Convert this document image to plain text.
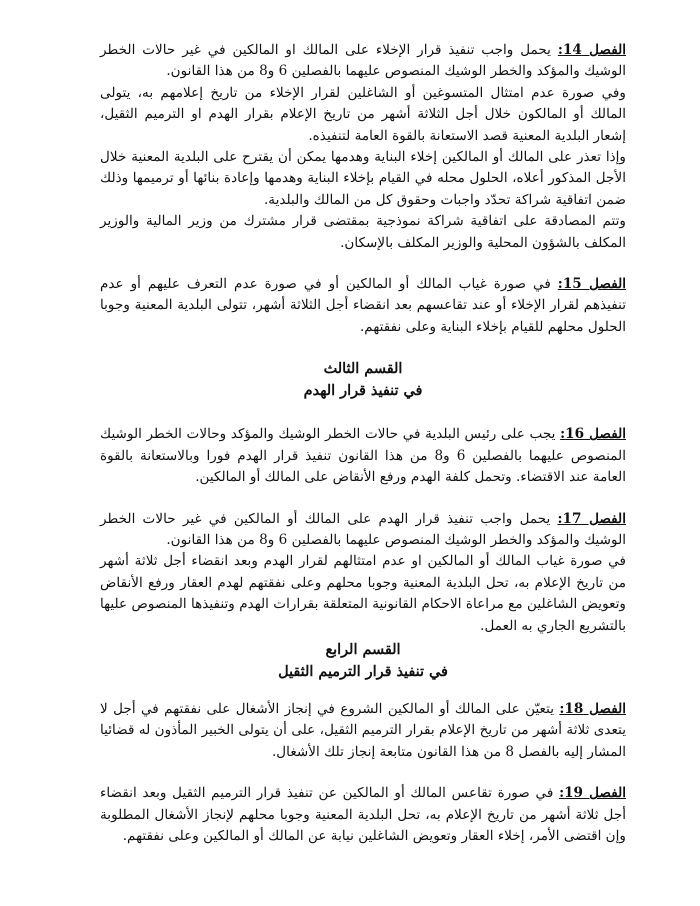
الفصل 14: يحمل واجب تنفيذ قرار الإخلاء على المالك او المالكين في غير حالات الخطر الوشيك والمؤكد والخطر الوشيك المنصوص عليهما بالفصلين 6 و8 من هذا القانون.

وفي صورة عدم امتثال المتسوغين أو الشاغلين لقرار الإخلاء من تاريخ إعلامهم به، يتولى المالك أو المالكون خلال أجل الثلاثة أشهر من تاريخ الإعلام بقرار الهدم او الترميم الثقيل، إشعار البلدية المعنية قصد الاستعانة بالقوة العامة لتنفيذه.

وإذا تعذر على المالك أو المالكين إخلاء البناية وهدمها يمكن أن يقترح على البلدية المعنية خلال الأجل المذكور أعلاه، الحلول محله في القيام بإخلاء البناية وهدمها وإعادة بنائها أو ترميمها وذلك ضمن اتفاقية شراكة تحدّد واجبات وحقوق كل من المالك والبلدية.

وتتم المصادقة على اتفاقية شراكة نموذجية بمقتضى قرار مشترك من وزير المالية والوزير المكلف بالشؤون المحلية والوزير المكلف بالإسكان.

الفصل 15: في صورة غياب المالك أو المالكين أو في صورة عدم التعرف عليهم أو عدم تنفيذهم لقرار الإخلاء أو عند تقاعسهم بعد انقضاء أجل الثلاثة أشهر، تتولى البلدية المعنية وجوبا الحلول محلهم للقيام بإخلاء البناية وعلى نفقتهم.

القسم الثالث
في تنفيذ قرار الهدم

الفصل 16: يجب على رئيس البلدية في حالات الخطر الوشيك والمؤكد وحالات الخطر الوشيك المنصوص عليهما بالفصلين 6 و8 من هذا القانون تنفيذ قرار الهدم فورا وبالاستعانة بالقوة العامة عند الاقتضاء. وتحمل كلفة الهدم ورفع الأنقاض على المالك أو المالكين.

الفصل 17: يحمل واجب تنفيذ قرار الهدم على المالك أو المالكين في غير حالات الخطر الوشيك والمؤكد والخطر الوشيك المنصوص عليهما بالفصلين 6 و8 من هذا القانون.

في صورة غياب المالك أو المالكين او عدم امتثالهم لقرار الهدم وبعد انقضاء أجل ثلاثة أشهر من تاريخ الإعلام به، تحل البلدية المعنية وجوبا محلهم وعلى نفقتهم لهدم العقار ورفع الأنقاض وتعويض الشاغلين مع مراعاة الاحكام القانونية المتعلقة بقرارات الهدم وتنفيذها المنصوص عليها بالتشريع الجاري به العمل.

القسم الرابع
في تنفيذ قرار الترميم الثقيل

الفصل 18: يتعيّن على المالك أو المالكين الشروع في إنجاز الأشغال على نفقتهم في أجل لا يتعدى ثلاثة أشهر من تاريخ الإعلام بقرار الترميم الثقيل، على أن يتولى الخبير المأذون له قضائيا المشار إليه بالفصل 8 من هذا القانون متابعة إنجاز تلك الأشغال.

الفصل 19: في صورة تقاعس المالك أو المالكين عن تنفيذ قرار الترميم الثقيل وبعد انقضاء أجل ثلاثة أشهر من تاريخ الإعلام به، تحل البلدية المعنية وجوبا محلهم لإنجاز الأشغال المطلوبة وإن اقتضى الأمر، إخلاء العقار وتعويض الشاغلين نيابة عن المالك أو المالكين وعلى نفقتهم.
